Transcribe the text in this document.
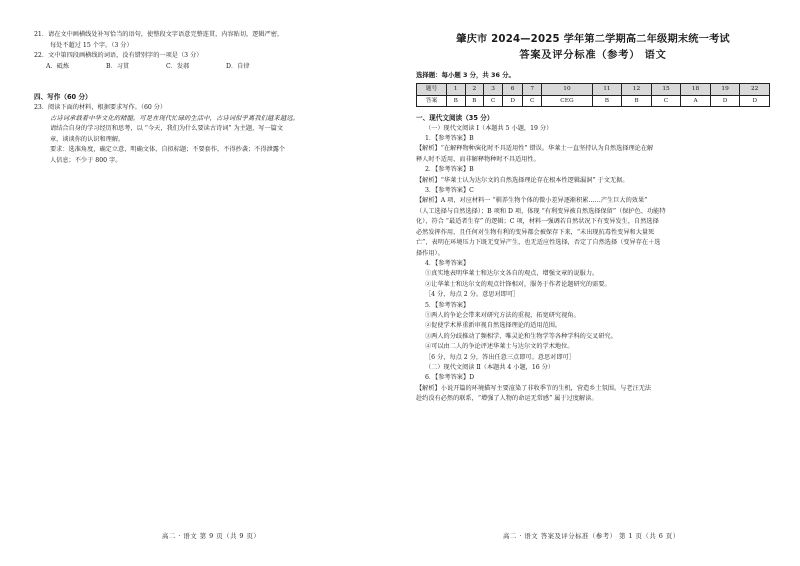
21．请在文中画横线处补写恰当的语句，使整段文字语意完整连贯，内容贴切，逻辑严密，
每处不超过 15 个字。（3 分）
22．文中第四段画横线的词语，没有错别字的一项是（3 分）
A．砥炼	B．习贯	C．发郝	D．自律
四、写作（60 分）
23．阅读下面的材料，根据要求写作。（60 分）
古诗词承载着中华文化的精髓。可是在现代忙碌的生活中，古诗词似乎离我们越来越远。
请结合自身的学习经历和思考，以 “今天，我们为什么要读古诗词” 为主题，写一篇文
章，谈谈你的认识和理解。
要求：选准角度，确定立意，明确文体，自拟标题；不要套作，不得抄袭；不得泄露个
人信息；不少于 800 字。
高二 · 语文 第 9 页（共 9 页）
肇庆市 2024—2025 学年第二学期高二年级期末统一考试
答案及评分标准（参考） 语文
选择题：每小题 3 分，共 36 分。
题号	1	2	3	6	7	10	11	12	15	18	19	22
答案	B	B	C	D	C	CEG	B	B	C	A	D	D
一、现代文阅读（35 分）
（一）现代文阅读 Ⅰ（本题共 5 小题，19 分）
1．【参考答案】B
【解析】“在解释物种演化时不具适用性” 错误。华莱士一直坚持认为自然选择理论在解
释人时不适用，而非解释物种时不具适用性。
2．【参考答案】B
【解析】“华莱士认为达尔文的自然选择理论存在根本性逻辑漏洞” 于文无据。
3．【参考答案】C
【解析】A 项，对应材料一 “驯养生物个体的微小差异逐渐积累……产生巨大的效果”
（人工选择与自然选择）；B 项和 D 项，体现 “有利变异被自然选择保留”（保护色、功能特
化），符合 “最适者生存” 的逻辑；C 项，材料一强调若自然状况下有变异发生，自然选择
必然发挥作用，且任何对生物有利的变异都会被保存下来，“未出现抗毒性变异和大量死
亡”，表明在环境压力下既无变异产生，也无适应性选择，否定了自然选择（变异存在＋选
择作用）。
4．【参考答案】
①真实地表明华莱士和达尔文各自的观点，增强文章的说服力。
②让华莱士和达尔文的观点针锋相对，服务于作者论题研究的需要。
［4 分，每点 2 分。意思对即可］
5．【参考答案】
①两人的争论会带来对研究方法的重视，拓宽研究视角。
②促使学术界重新审视自然选择理论的适用范围。
③两人的分歧推动了频相学、唯灵论和生物学等各种学科的交叉研究。
④可以由二人的争论评述华莱士与达尔文的学术地位。
［6 分，每点 2 分，答出任意三点即可。意思对即可］
（二）现代文阅读 Ⅱ（本题共 4 小题，16 分）
6．【参考答案】D
【解析】小说开篇的环境描写主要渲染了非收季节的生机，营造乡土氛围。与老汪无法
赴约没有必然的联系，“增强了人物的命运无常感” 属于过度解读。
高二 · 语文 答案及评分标准（参考） 第 1 页（共 6 页）
